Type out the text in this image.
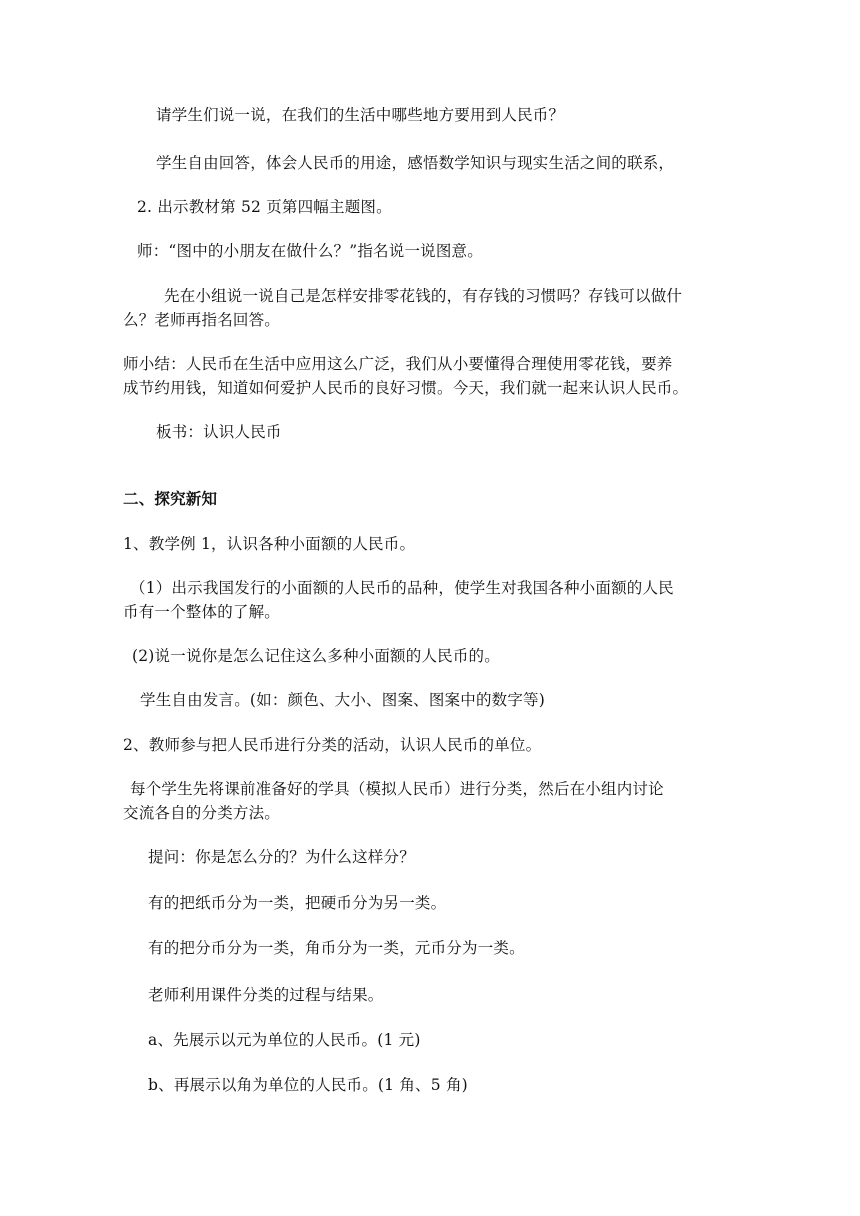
请学生们说一说，在我们的生活中哪些地方要用到人民币？
学生自由回答，体会人民币的用途，感悟数学知识与现实生活之间的联系，
2. 出示教材第 52 页第四幅主题图。
师：“图中的小朋友在做什么？”指名说一说图意。
先在小组说一说自己是怎样安排零花钱的，有存钱的习惯吗？存钱可以做什
么？老师再指名回答。
师小结：人民币在生活中应用这么广泛，我们从小要懂得合理使用零花钱，要养
成节约用钱，知道如何爱护人民币的良好习惯。今天，我们就一起来认识人民币。
板书：认识人民币
二、探究新知
1、教学例 1，认识各种小面额的人民币。
（1）出示我国发行的小面额的人民币的品种，使学生对我国各种小面额的人民
币有一个整体的了解。
(2)说一说你是怎么记住这么多种小面额的人民币的。
学生自由发言。(如：颜色、大小、图案、图案中的数字等)
2、教师参与把人民币进行分类的活动，认识人民币的单位。
每个学生先将课前准备好的学具（模拟人民币）进行分类，然后在小组内讨论
交流各自的分类方法。
提问：你是怎么分的？为什么这样分？
有的把纸币分为一类，把硬币分为另一类。
有的把分币分为一类，角币分为一类，元币分为一类。
老师利用课件分类的过程与结果。
a、先展示以元为单位的人民币。(1 元)
b、再展示以角为单位的人民币。(1 角、5 角)
